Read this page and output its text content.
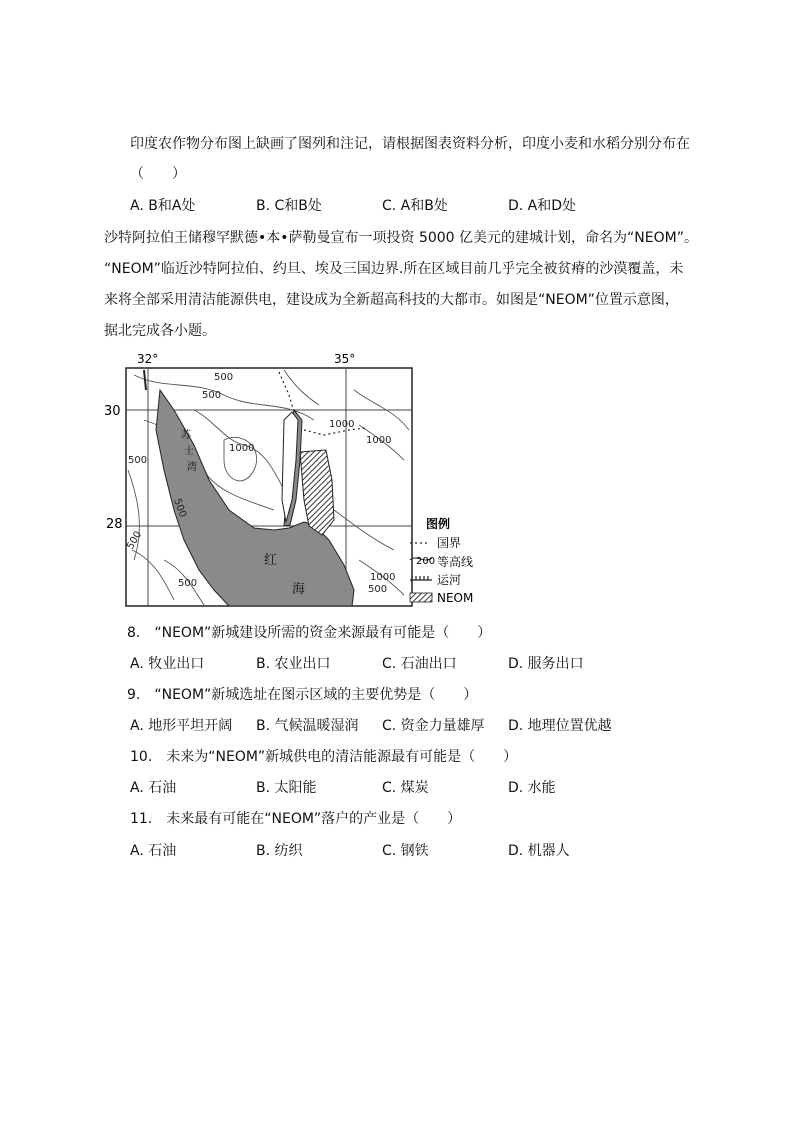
印度农作物分布图上缺画了图列和注记，请根据图表资料分析，印度小麦和水稻分别分布在
（　　）
A. B和A处	B. C和B处	C. A和B处	D. A和D处
沙特阿拉伯王储穆罕默德•本•萨勒曼宣布一项投资 5000 亿美元的建城计划，命名为“NEOM”。
“NEOM”临近沙特阿拉伯、约旦、埃及三国边界.所在区域目前几乎完全被贫瘠的沙漠覆盖，未
来将全部采用清洁能源供电，建设成为全新超高科技的大都市。如图是“NEOM”位置示意图，
据北完成各小题。
32°	35°
30
28
500
500
1000
1000
1000
500
500
500
500
1000
500
红
海
苏
士
湾
图例
国界
200 等高线
运河
NEOM
8.　“NEOM”新城建设所需的资金来源最有可能是（　　）
A. 牧业出口	B. 农业出口	C. 石油出口	D. 服务出口
9.　“NEOM”新城选址在图示区域的主要优势是（　　）
A. 地形平坦开阔 B. 气候温暖湿润 C. 资金力量雄厚 D. 地理位置优越
10.　未来为“NEOM”新城供电的清洁能源最有可能是（　　）
A. 石油	B. 太阳能	C. 煤炭	D. 水能
11.　未来最有可能在“NEOM”落户的产业是（　　）
A. 石油	B. 纺织	C. 钢铁	D. 机器人
